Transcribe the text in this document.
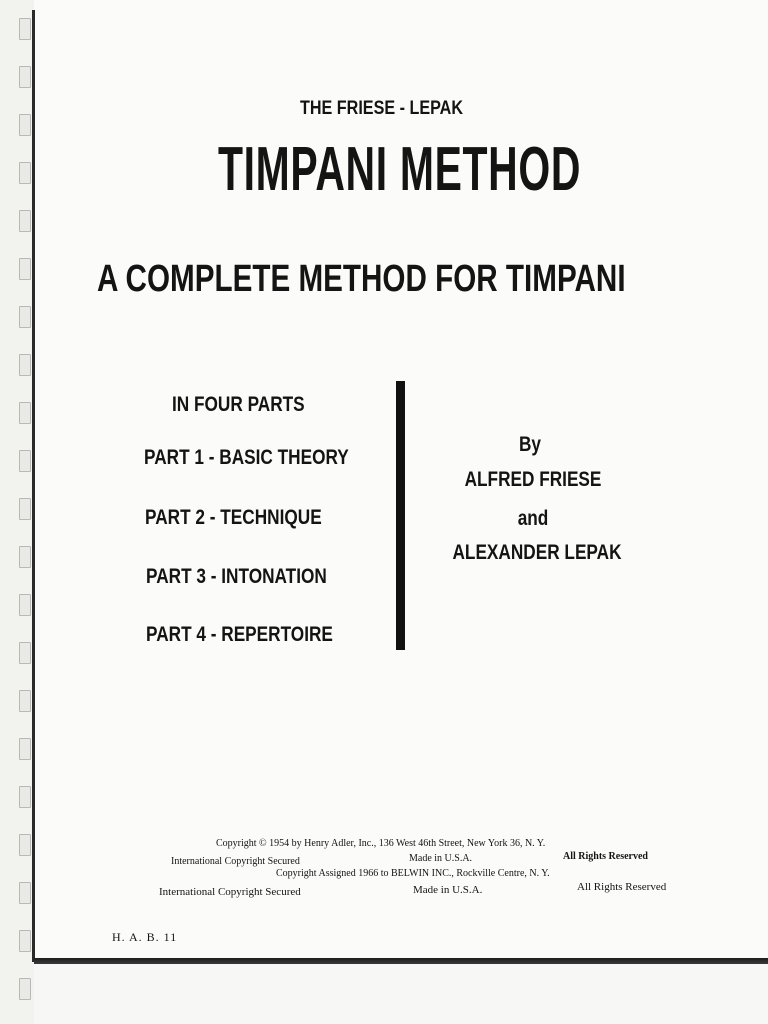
THE FRIESE - LEPAK
TIMPANI METHOD
A COMPLETE METHOD FOR TIMPANI
IN FOUR PARTS
PART 1 - BASIC THEORY
PART 2 - TECHNIQUE
PART 3 - INTONATION
PART 4 - REPERTOIRE
By
ALFRED FRIESE
and
ALEXANDER LEPAK
Copyright © 1954 by Henry Adler, Inc., 136 West 46th Street, New York 36, N. Y.
International Copyright Secured	Made in U.S.A.	All Rights Reserved
Copyright Assigned 1966 to BELWIN INC., Rockville Centre, N. Y.
International Copyright Secured	Made in U.S.A.	All Rights Reserved
H. A. B. 11
